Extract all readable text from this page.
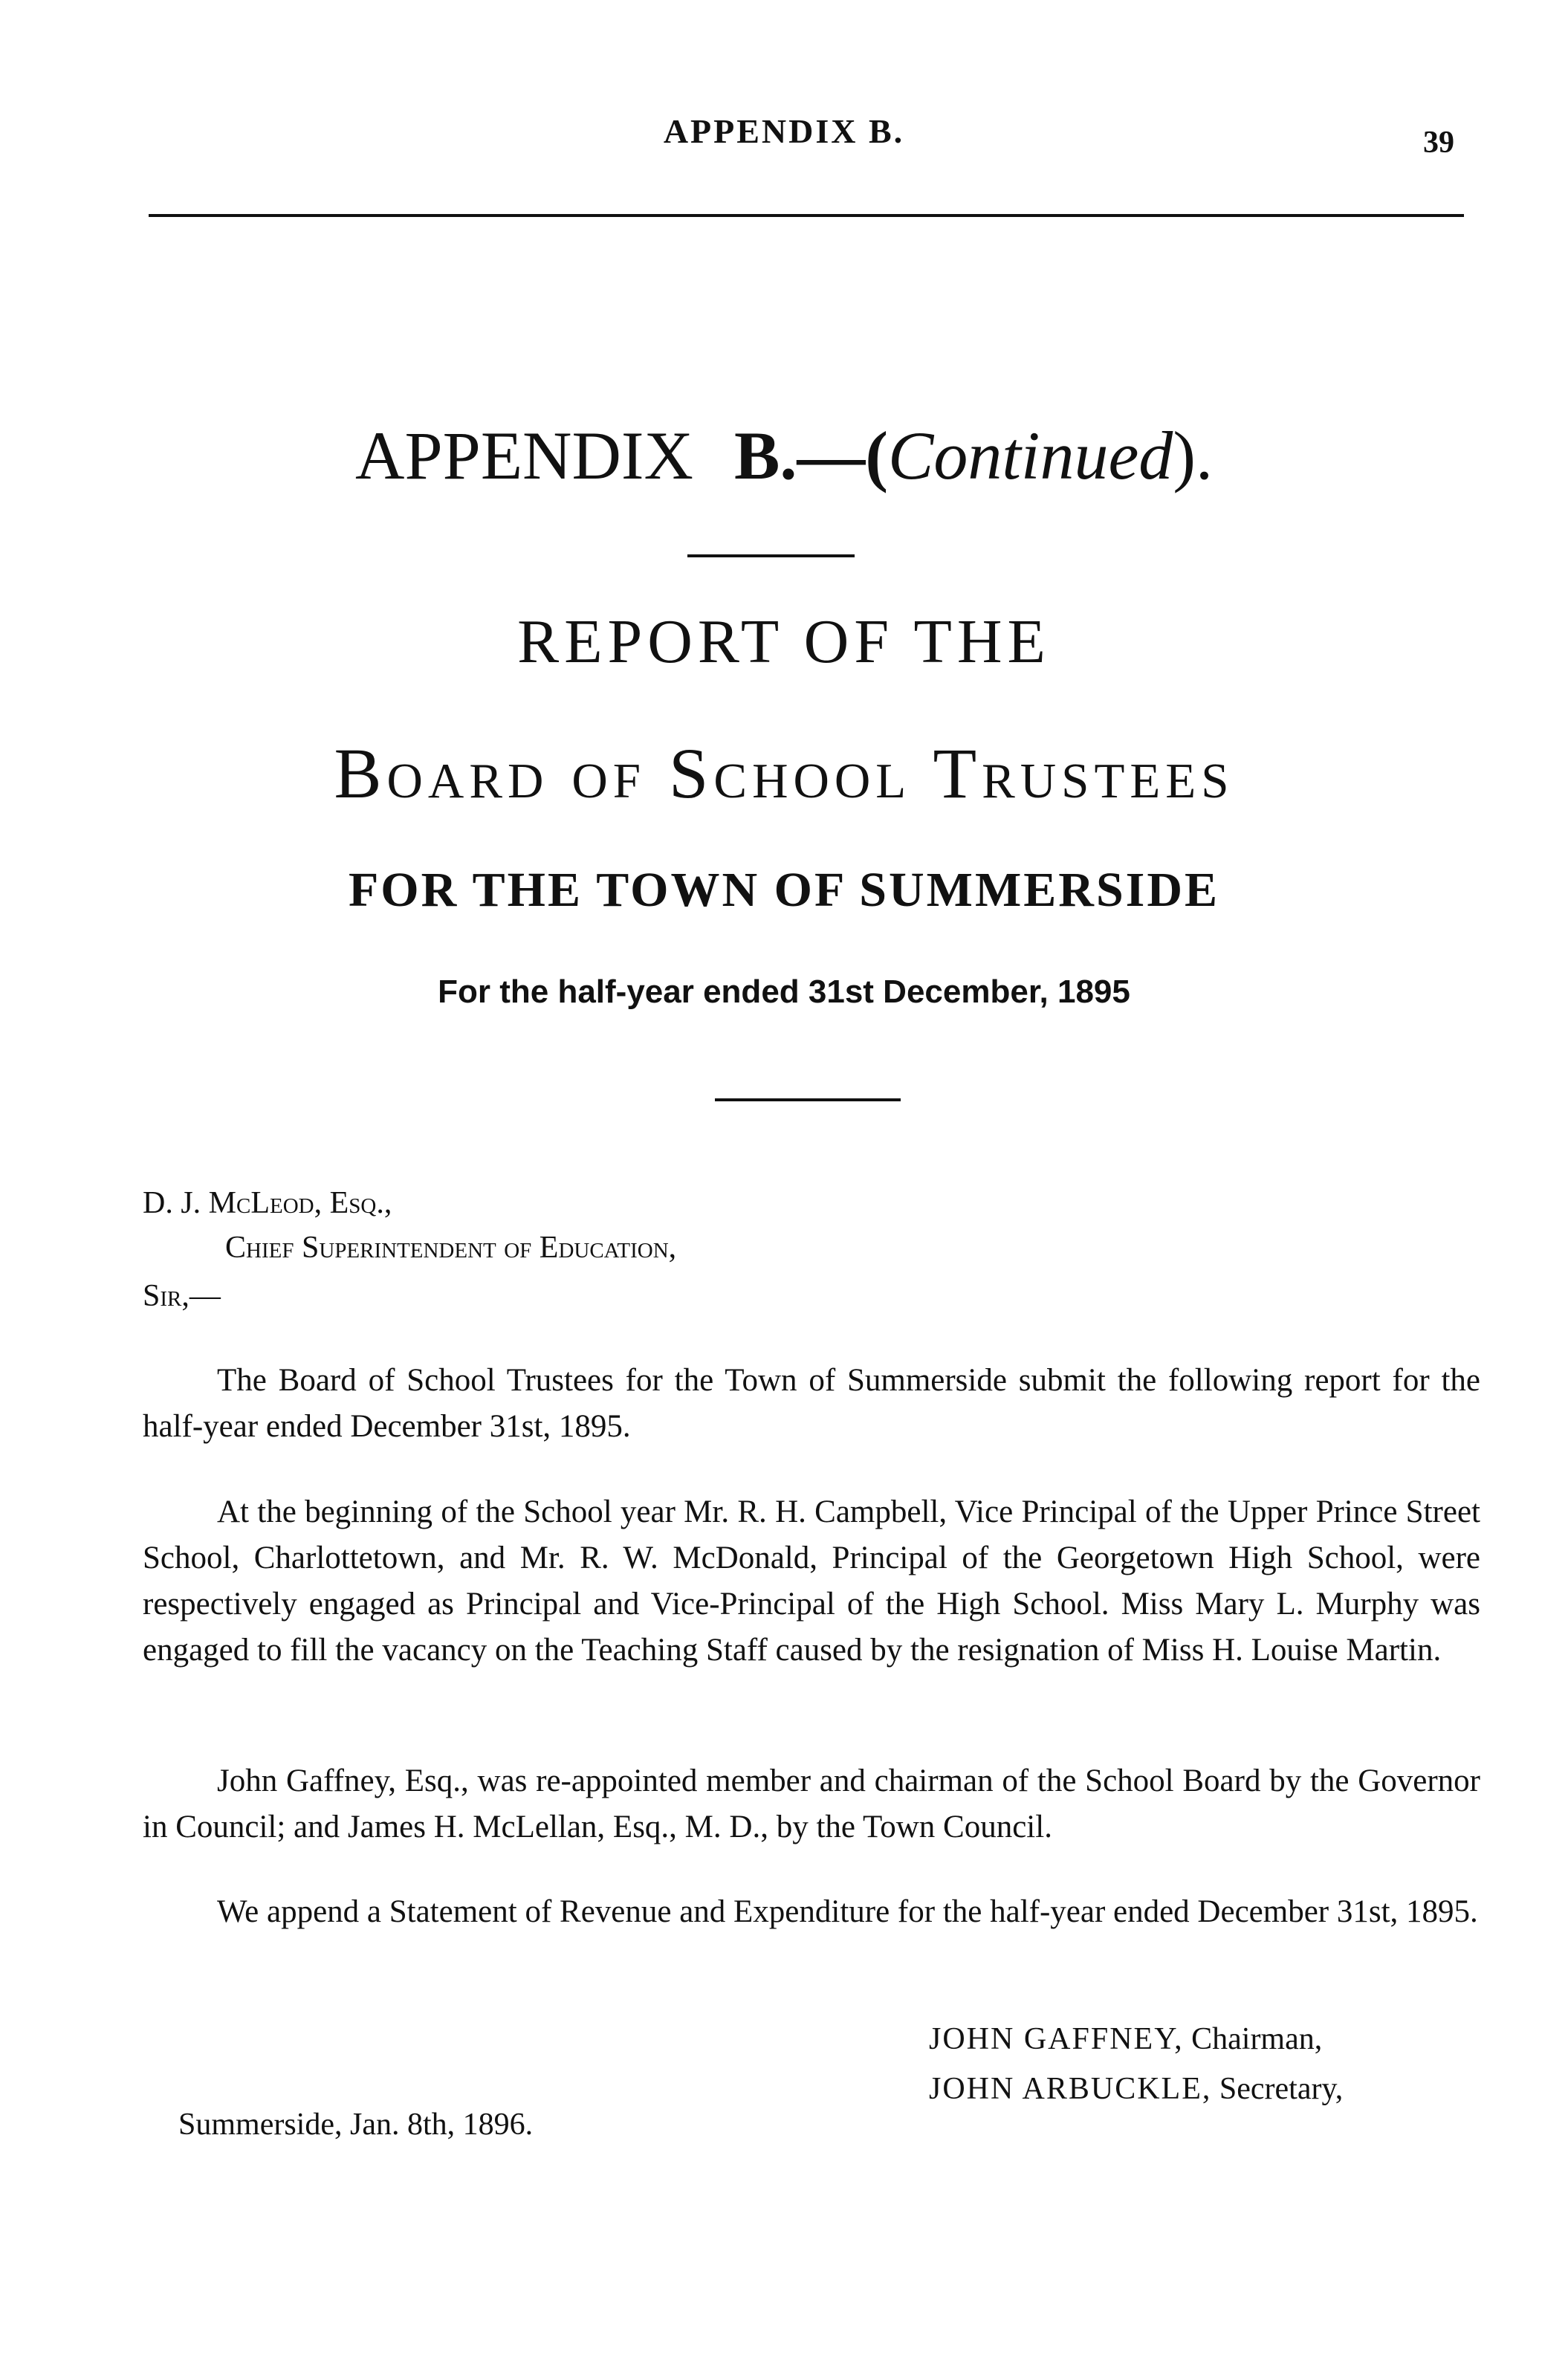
APPENDIX B.	39
APPENDIX B.—(Continued).
REPORT OF THE
Board of School Trustees
FOR THE TOWN OF SUMMERSIDE
For the half-year ended 31st December, 1895
D. J. McLeod, Esq.,
Chief Superintendent of Education,
Sir,—

The Board of School Trustees for the Town of Summerside submit the following report for the half-year ended December 31st, 1895.

At the beginning of the School year Mr. R. H. Campbell, Vice Principal of the Upper Prince Street School, Charlottetown, and Mr. R. W. McDonald, Principal of the Georgetown High School, were respectively engaged as Principal and Vice-Principal of the High School. Miss Mary L. Murphy was engaged to fill the vacancy on the Teaching Staff caused by the resignation of Miss H. Louise Martin.

John Gaffney, Esq., was re-appointed member and chairman of the School Board by the Governor in Council; and James H. McLellan, Esq., M. D., by the Town Council.

We append a Statement of Revenue and Expenditure for the half-year ended December 31st, 1895.

JOHN GAFFNEY, Chairman,
JOHN ARBUCKLE, Secretary,
Summerside, Jan. 8th, 1896.
